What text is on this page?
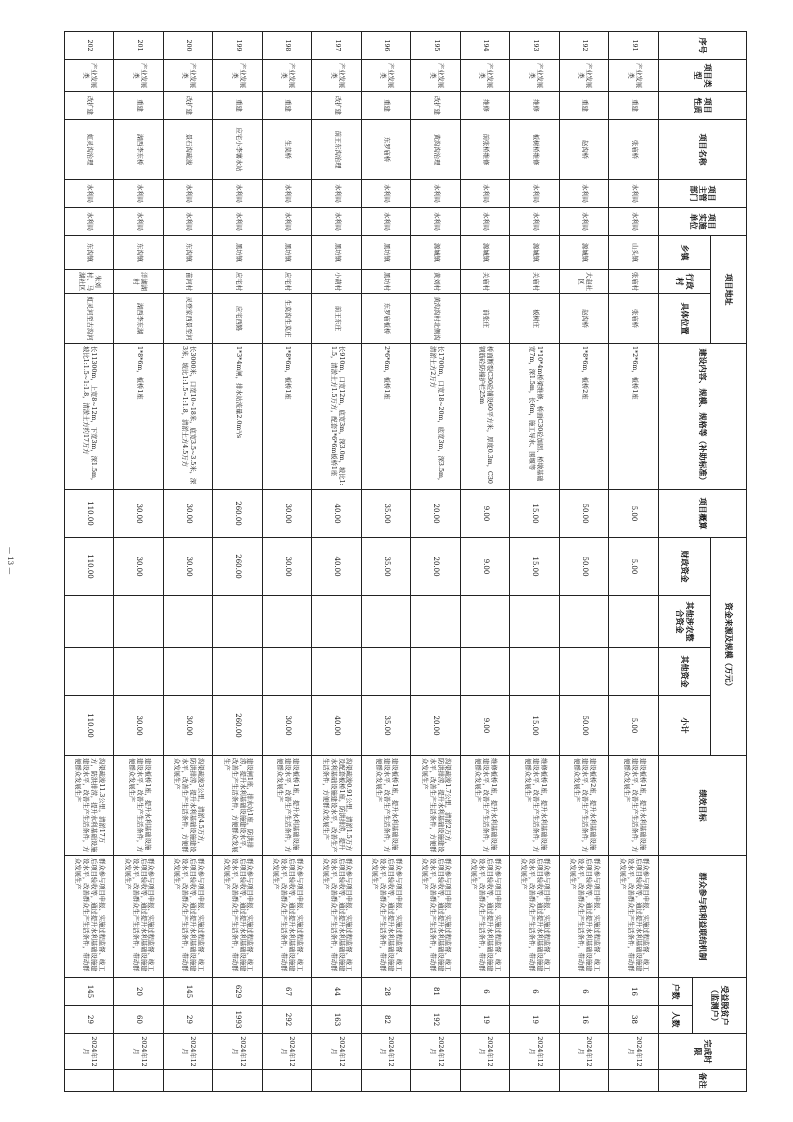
序号	项目类型	项目性质	项目名称	项目主管部门	项目实施单位	项目地址			建设内容、规模、规格等（补助标准）	项目概算	资金来源及规模（万元）				绩效目标	群众参与和利益联结机制	受益脱贫户（监测户）		完成时限	备注
						乡镇	行政村	具体位置			财政资金	其他涉农整合资金	其他资金	小计						
																	户数	人数		
191	产业发展类	重建	张庙桥	水利局	水利局	山头镇	张庙村	张庙桥	1*2*6m，板桥1座	5.00	5.00			5.00	建设板桥1座，提升水利基础设施建设水平，改善生产生活条件，方便群众发展生产	群众参与项目申报、实施过程监督、竣工后项目验收等，通过提升水利基础设施建设水平，改善群众生产生活条件，带动群众发展生产	16	38	2024年12月	
192	产业发展类	重建	赵沟桥	水利局	水利局	源城镇	大赵社区	赵沟桥	1*8*6m，板桥2座	50.00	50.00			50.00	建设板桥2座，提升水利基础设施建设水平，改善生产生活条件，方便群众发展生产	群众参与项目申报、实施过程监督、竣工后项目验收等，通过提升水利基础设施建设水平，改善群众生产生活条件，带动群众发展生产	6	16	2024年12月	
193	产业发展类	维修	板树桥维修	水利局	水利局	源城镇	关庙村	板树庄	1*10*4m桥梁维修，桥面C30砼加固、桥墩基础宽7m，深1.5m，长6m，施工导水、围堰等	15.00	15.00			15.00	维修板桥1座，提升水利基础设施建设水平，改善生产生活条件，方便群众发展生产	群众参与项目申报、实施过程监督、竣工后项目验收等，通过提升水利基础设施建设水平，改善群众生产生活条件，带动群众发展生产	6	19	2024年12月	
194	产业发展类	维修	前张桥维修	水利局	水利局	源城镇	关庙村	前张庄	桥面断裂C30砼铺设60平方米，厚度0.3m，C30钢筋砼防撞护栏25m	9.00	9.00			9.00	维修板桥1座，提升水利基础设施建设水平，改善生产生活条件，方便群众发展生产	群众参与项目申报、实施过程监督、竣工后项目验收等，通过提升水利基础设施建设水平，改善群众生产生活条件，带动群众发展生产	6	19	2024年12月	
195	产业发展类	改扩建	黄沟沟治理	水利局	水利局	源城镇	黄刘村	黄沟沟村北侧沟	长1700m，口宽18~20m，底宽3m，深3.5m，清淤土方2万方	20.00	20.00			20.00	沟渠疏浚1.7公里，清淤2万方，防洪排涝，提升水利基础设施建设水平，改善生产生活条件，方便群众发展生产	群众参与项目申报、实施过程监督、竣工后项目验收等，通过提升水利基础设施建设水平，改善群众生产生活条件，带动群众发展生产	81	192	2024年12月	
196	产业发展类	重建	东罗庙桥	水利局	水利局	黑坊镇	黑坊村	东罗庙板桥	2*6*6m，板桥1座	35.00	35.00			35.00	建设板桥1座，提升水利基础设施建设水平，改善生产生活条件，方便群众发展生产	群众参与项目申报、实施过程监督、竣工后项目验收等，通过提升水利基础设施建设水平，改善群众生产生活条件，带动群众发展生产	28	82	2024年12月	
197	产业发展类	改扩建	前王东沟治理	水利局	水利局	黑坊镇	小葫村	前王东庄	长910m，口宽12m，底宽3m，深3.0m，坡比1:1.5，清淤土方1.5万方，配套1*6*6m板桥1座	40.00	40.00			40.00	沟渠疏浚0.91公里，清淤1.5万方及配套板桥1座，防洪排涝，提升水利基础设施建设水平，改善生产生活条件，方便群众发展生产	群众参与项目申报、实施过程监督、竣工后项目验收等，通过提升水利基础设施建设水平，改善群众生产生活条件，带动群众发展生产	44	163	2024年12月	
198	产业发展类	重建	生莫桥	水利局	水利局	黑坊镇	应宅村	生莫沟生莫庄	1*8*6m，板桥1座	30.00	30.00			30.00	建设板桥1座，提升水利基础设施建设水平，改善生产生活条件，方便群众发展生产	群众参与项目申报、实施过程监督、竣工后项目验收等，通过提升水利基础设施建设水平，改善群众生产生活条件，带动群众发展生产	67	292	2024年12月	
199	产业发展类	重建	应宅小李薯水站	水利局	水利局	黑坊镇	应宅村	应宅西路	1*3*4m闸，排水站流量2.0m³/s	260.00	260.00			260.00	建设闸1座，排水站1座，防洪排涝，提升水利基础设施建设水平，改善生产生活条件，方便群众发展生产	群众参与项目申报、实施过程监督、竣工后项目验收等，通过提升水利基础设施建设水平，改善群众生产生活条件，带动群众发展生产	629	1993	2024年12月	
200	产业发展类	改扩建	景石沟疏浚	水利局	水利局	东沟镇	苗河村	灵登家西景至河	长3000米，口宽10~18米，底宽3.5~3.5米，深3米，坡比1:1.5~1:1.8，清淤土方4.5万方	30.00	30.00			30.00	沟渠疏浚3公里，清淤4.5万方，防洪排涝，提升水利基础设施建设水平，改善生产生活条件，方便群众发展生产	群众参与项目申报、实施过程监督、竣工后项目验收等，通过提升水利基础设施建设水平，改善群众生产生活条件，带动群众发展生产	145	29	2024年12月	
201	产业发展类	重建	湖西李东桥	水利局	水利局	东沟镇	洋湖湖村	湖西李东湖	1*8*6m，板桥1座	30.00	30.00			30.00	建设板桥1座，提升水利基础设施建设水平，改善生产生活条件，方便群众发展生产	群众参与项目申报、实施过程监督、竣工后项目验收等，通过提升水利基础设施建设水平，改善群众生产生活条件，带动群众发展生产	20	60	2024年12月	
202	产业发展类	改扩建	虹灵沟治理	水利局	水利局	东沟镇	朱刘村、马湖社区	虹灵河至古沟河	长11300m，上宽8~12m，下宽3m，深1.5m，坡比1:1.5~1:1.8，清淤土方约17万方	110.00	110.00			110.00	沟渠疏浚11.3公里，清淤17万方，防洪排涝，提升水利基础设施建设水平，改善生产生活条件，方便群众发展生产	群众参与项目申报、实施过程监督、竣工后项目验收等，通过提升水利基础设施建设水平，改善群众生产生活条件，带动群众发展生产	145	29	2024年12月	
— 13 —
